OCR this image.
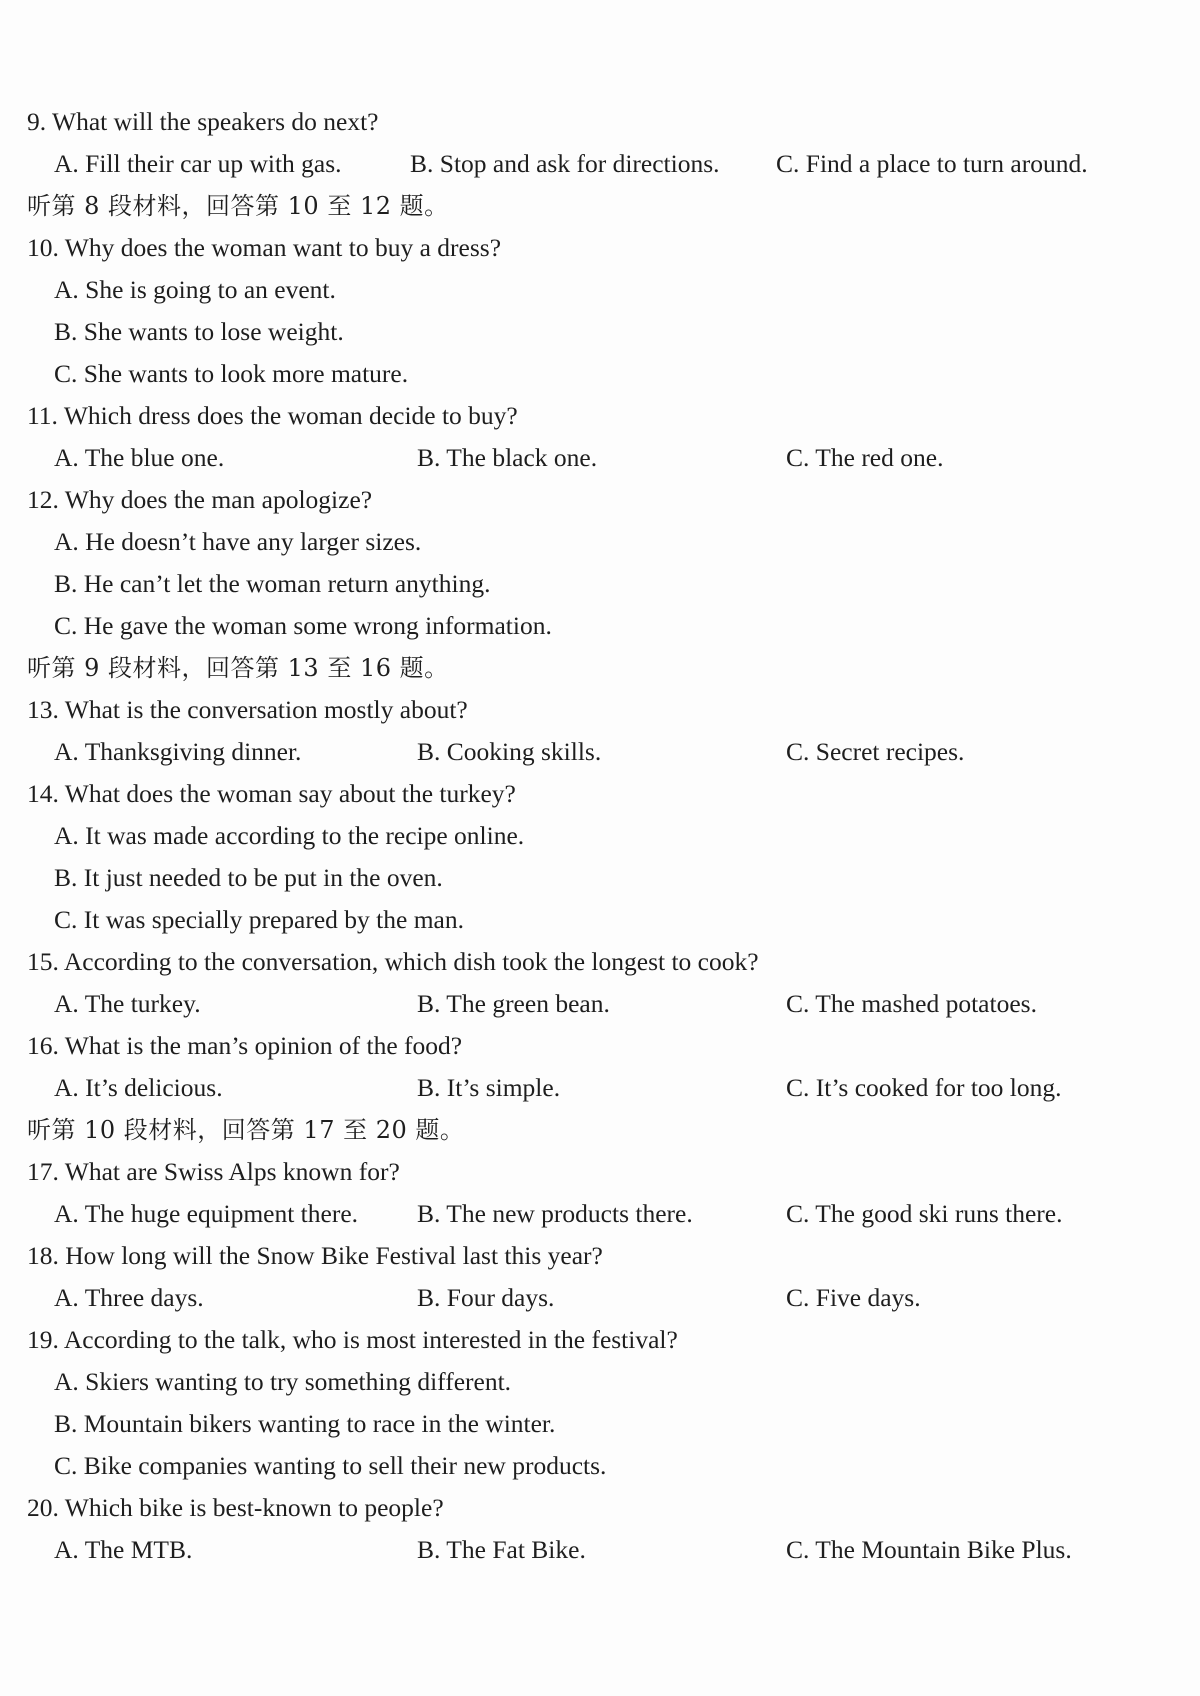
9. What will the speakers do next?
A. Fill their car up with gas.	B. Stop and ask for directions.	C. Find a place to turn around.
听第 8 段材料，回答第 10 至 12 题。
10. Why does the woman want to buy a dress?
A. She is going to an event.
B. She wants to lose weight.
C. She wants to look more mature.
11. Which dress does the woman decide to buy?
A. The blue one.	B. The black one.	C. The red one.
12. Why does the man apologize?
A. He doesn’t have any larger sizes.
B. He can’t let the woman return anything.
C. He gave the woman some wrong information.
听第 9 段材料，回答第 13 至 16 题。
13. What is the conversation mostly about?
A. Thanksgiving dinner.	B. Cooking skills.	C. Secret recipes.
14. What does the woman say about the turkey?
A. It was made according to the recipe online.
B. It just needed to be put in the oven.
C. It was specially prepared by the man.
15. According to the conversation, which dish took the longest to cook?
A. The turkey.	B. The green bean.	C. The mashed potatoes.
16. What is the man’s opinion of the food?
A. It’s delicious.	B. It’s simple.	C. It’s cooked for too long.
听第 10 段材料，回答第 17 至 20 题。
17. What are Swiss Alps known for?
A. The huge equipment there.	B. The new products there.	C. The good ski runs there.
18. How long will the Snow Bike Festival last this year?
A. Three days.	B. Four days.	C. Five days.
19. According to the talk, who is most interested in the festival?
A. Skiers wanting to try something different.
B. Mountain bikers wanting to race in the winter.
C. Bike companies wanting to sell their new products.
20. Which bike is best-known to people?
A. The MTB.	B. The Fat Bike.	C. The Mountain Bike Plus.
